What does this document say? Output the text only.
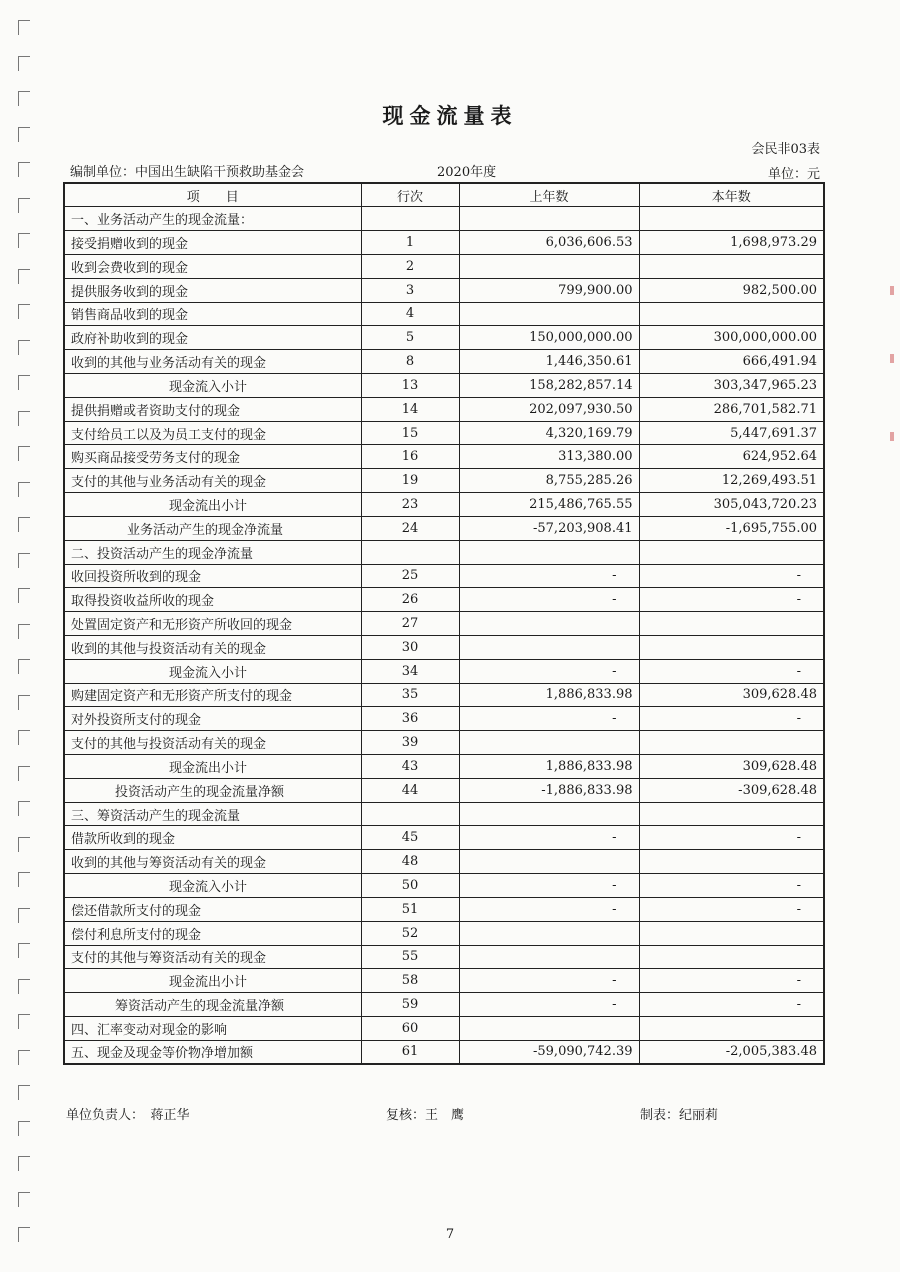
现金流量表
会民非03表
编制单位：中国出生缺陷干预救助基金会	2020年度	单位：元
项　　目	行次	上年数	本年数
一、业务活动产生的现金流量：			
接受捐赠收到的现金	1	6,036,606.53	1,698,973.29
收到会费收到的现金	2		
提供服务收到的现金	3	799,900.00	982,500.00
销售商品收到的现金	4		
政府补助收到的现金	5	150,000,000.00	300,000,000.00
收到的其他与业务活动有关的现金	8	1,446,350.61	666,491.94
现金流入小计	13	158,282,857.14	303,347,965.23
提供捐赠或者资助支付的现金	14	202,097,930.50	286,701,582.71
支付给员工以及为员工支付的现金	15	4,320,169.79	5,447,691.37
购买商品接受劳务支付的现金	16	313,380.00	624,952.64
支付的其他与业务活动有关的现金	19	8,755,285.26	12,269,493.51
现金流出小计	23	215,486,765.55	305,043,720.23
业务活动产生的现金净流量	24	-57,203,908.41	-1,695,755.00
二、投资活动产生的现金净流量			
收回投资所收到的现金	25	-	-
取得投资收益所收的现金	26	-	-
处置固定资产和无形资产所收回的现金	27		
收到的其他与投资活动有关的现金	30		
现金流入小计	34	-	-
购建固定资产和无形资产所支付的现金	35	1,886,833.98	309,628.48
对外投资所支付的现金	36	-	-
支付的其他与投资活动有关的现金	39		
现金流出小计	43	1,886,833.98	309,628.48
投资活动产生的现金流量净额	44	-1,886,833.98	-309,628.48
三、筹资活动产生的现金流量			
借款所收到的现金	45	-	-
收到的其他与筹资活动有关的现金	48		
现金流入小计	50	-	-
偿还借款所支付的现金	51	-	-
偿付利息所支付的现金	52		
支付的其他与筹资活动有关的现金	55		
现金流出小计	58	-	-
筹资活动产生的现金流量净额	59	-	-
四、汇率变动对现金的影响	60		
五、现金及现金等价物净增加额	61	-59,090,742.39	-2,005,383.48
单位负责人：　蒋正华	复核：王　鹰	制表：纪丽莉
7
